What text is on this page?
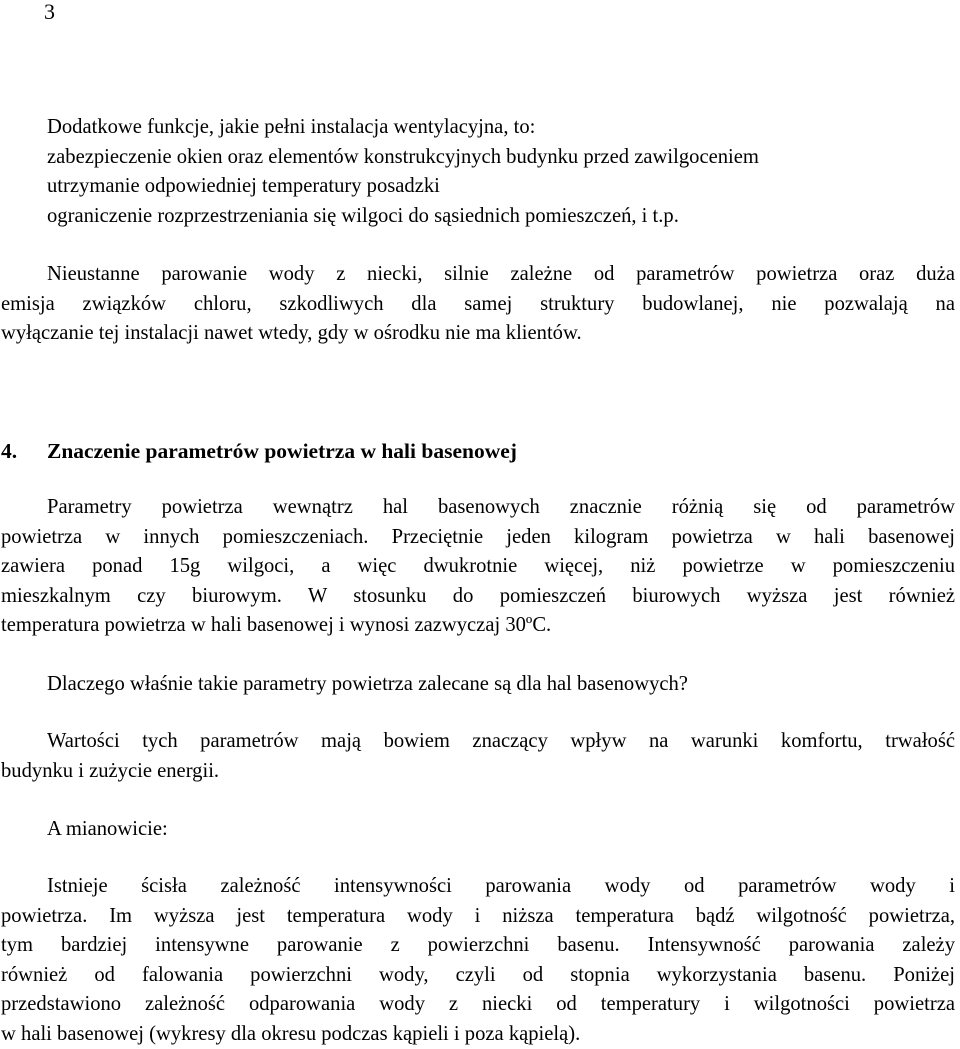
3
Dodatkowe funkcje, jakie pełni instalacja wentylacyjna, to:
zabezpieczenie okien oraz elementów konstrukcyjnych budynku przed zawilgoceniem
utrzymanie odpowiedniej temperatury posadzki
ograniczenie rozprzestrzeniania się wilgoci do sąsiednich pomieszczeń, i t.p.
Nieustanne parowanie wody z niecki, silnie zależne od parametrów powietrza oraz duża
emisja związków chloru, szkodliwych dla samej struktury budowlanej, nie pozwalają na
wyłączanie tej instalacji nawet wtedy, gdy w ośrodku nie ma klientów.
4. Znaczenie parametrów powietrza w hali basenowej
Parametry powietrza wewnątrz hal basenowych znacznie różnią się od parametrów
powietrza w innych pomieszczeniach. Przeciętnie jeden kilogram powietrza w hali basenowej
zawiera ponad 15g wilgoci, a więc dwukrotnie więcej, niż powietrze w pomieszczeniu
mieszkalnym czy biurowym. W stosunku do pomieszczeń biurowych wyższa jest również
temperatura powietrza w hali basenowej i wynosi zazwyczaj 30ºC.
Dlaczego właśnie takie parametry powietrza zalecane są dla hal basenowych?
Wartości tych parametrów mają bowiem znaczący wpływ na warunki komfortu, trwałość
budynku i zużycie energii.
A mianowicie:
Istnieje ścisła zależność intensywności parowania wody od parametrów wody i
powietrza. Im wyższa jest temperatura wody i niższa temperatura bądź wilgotność powietrza,
tym bardziej intensywne parowanie z powierzchni basenu. Intensywność parowania zależy
również od falowania powierzchni wody, czyli od stopnia wykorzystania basenu. Poniżej
przedstawiono zależność odparowania wody z niecki od temperatury i wilgotności powietrza
w hali basenowej (wykresy dla okresu podczas kąpieli i poza kąpielą).
